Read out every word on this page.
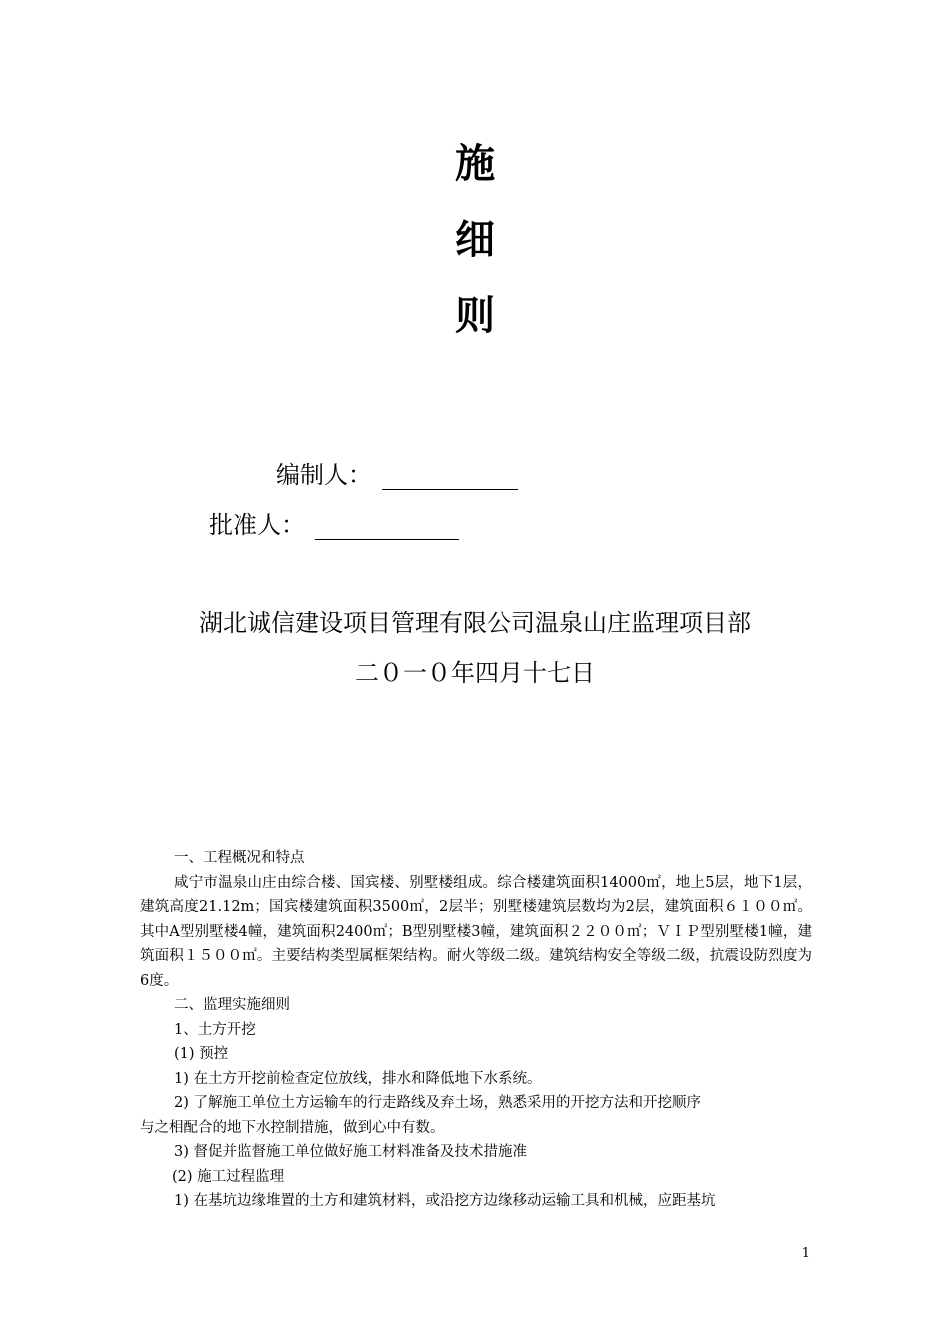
施
细
则
编制人：
批准人：
湖北诚信建设项目管理有限公司温泉山庄监理项目部
二０一０年四月十七日

一、工程概况和特点

咸宁市温泉山庄由综合楼、国宾楼、别墅楼组成。综合楼建筑面积14000㎡，地上5层，地下1层，建筑高度21.12m；国宾楼建筑面积3500㎡，2层半；别墅楼建筑层数均为2层，建筑面积６１００㎡。其中A型别墅楼4幢，建筑面积2400㎡；B型别墅楼3幢，建筑面积２２００㎡；ＶＩＰ型别墅楼1幢，建筑面积１５００㎡。主要结构类型属框架结构。耐火等级二级。建筑结构安全等级二级，抗震设防烈度为6度。

二、监理实施细则

1、土方开挖

(1) 预控

1) 在土方开挖前检查定位放线，排水和降低地下水系统。

2) 了解施工单位土方运输车的行走路线及弃土场，熟悉采用的开挖方法和开挖顺序

与之相配合的地下水控制措施，做到心中有数。

3) 督促并监督施工单位做好施工材料准备及技术措施准

(2) 施工过程监理

1) 在基坑边缘堆置的土方和建筑材料，或沿挖方边缘移动运输工具和机械，应距基坑

1
